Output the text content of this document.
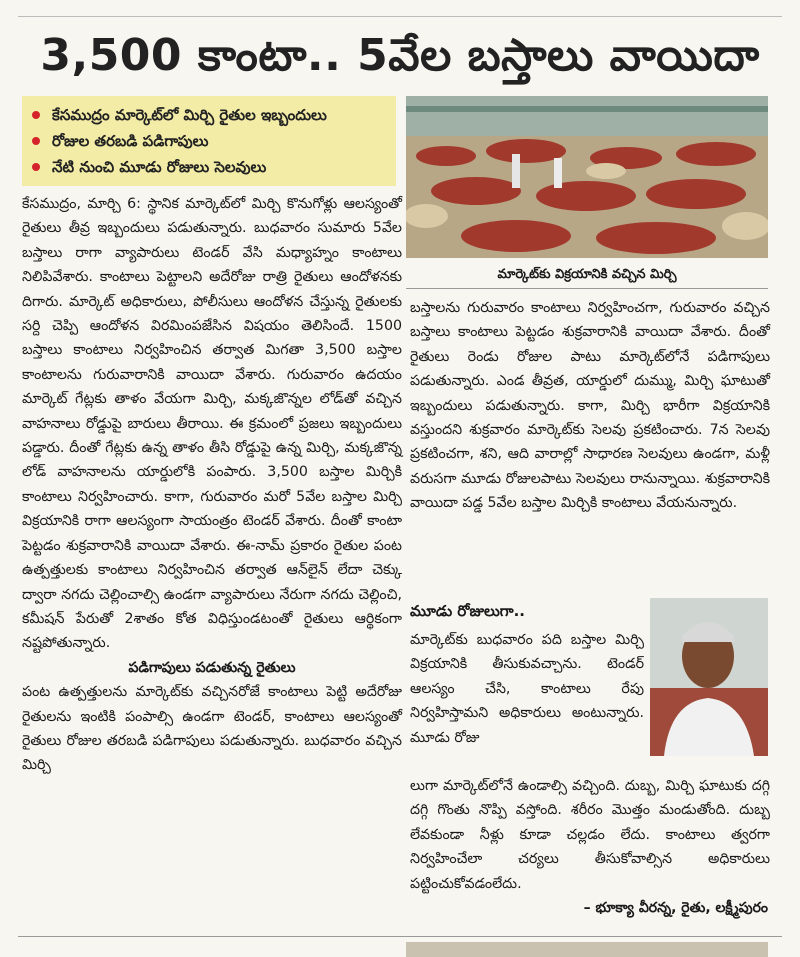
3,500 కాంటా.. 5వేల బస్తాలు వాయిదా
కేసముద్రం మార్కెట్‌లో మిర్చి రైతుల ఇబ్బందులు
రోజుల తరబడి పడిగాపులు
నేటి నుంచి మూడు రోజులు సెలవులు
మార్కెట్‌కు విక్రయానికి వచ్చిన మిర్చి

కేసముద్రం, మార్చి 6: స్థానిక మార్కెట్‌లో మిర్చి కొనుగోళ్లు ఆలస్యంతో రైతులు తీవ్ర ఇబ్బందులు పడుతున్నారు. బుధవారం సుమారు 5వేల బస్తాలు రాగా వ్యాపారులు టెండర్ వేసి మధ్యాహ్నం కాంటాలు నిలిపివేశారు. కాంటాలు పెట్టాలని అదేరోజు రాత్రి రైతులు ఆందోళనకు దిగారు. మార్కెట్ అధికారులు, పోలీసులు ఆందోళన చేస్తున్న రైతులకు సర్ది చెప్పి ఆందోళన విరమింపజేసిన విషయం తెలిసిందే. 1500 బస్తాలు కాంటాలు నిర్వహించిన తర్వాత మిగతా 3,500 బస్తాల కాంటాలను గురువారానికి వాయిదా వేశారు. గురువారం ఉదయం మార్కెట్ గేట్లకు తాళం వేయగా మిర్చి, మక్కజొన్నల లోడ్‌తో వచ్చిన వాహనాలు రోడ్డుపై బారులు తీరాయి. ఈ క్రమంలో ప్రజలు ఇబ్బందులు పడ్డారు. దీంతో గేట్లకు ఉన్న తాళం తీసి రోడ్డుపై ఉన్న మిర్చి, మక్కజొన్న లోడ్ వాహనాలను యార్డులోకి పంపారు. 3,500 బస్తాల మిర్చికి కాంటాలు నిర్వహించారు. కాగా, గురువారం మరో 5వేల బస్తాల మిర్చి విక్రయానికి రాగా ఆలస్యంగా సాయంత్రం టెండర్ వేశారు. దీంతో కాంటా పెట్టడం శుక్రవారానికి వాయిదా వేశారు. ఈ-నామ్ ప్రకారం రైతుల పంట ఉత్పత్తులకు కాంటాలు నిర్వహించిన తర్వాత ఆన్‌లైన్ లేదా చెక్కు ద్వారా నగదు చెల్లించాల్సి ఉండగా వ్యాపారులు నేరుగా నగదు చెల్లించి, కమీషన్ పేరుతో 2శాతం కోత విధిస్తుండటంతో రైతులు ఆర్థికంగా నష్టపోతున్నారు.

పడిగాపులు పడుతున్న రైతులు

పంట ఉత్పత్తులను మార్కెట్‌కు వచ్చినరోజే కాంటాలు పెట్టి అదేరోజు రైతులను ఇంటికి పంపాల్సి ఉండగా టెండర్, కాంటాలు ఆలస్యంతో రైతులు రోజుల తరబడి పడిగాపులు పడుతున్నారు. బుధవారం వచ్చిన మిర్చి

బస్తాలను గురువారం కాంటాలు నిర్వహించగా, గురువారం వచ్చిన బస్తాలు కాంటాలు పెట్టడం శుక్రవారానికి వాయిదా వేశారు. దీంతో రైతులు రెండు రోజుల పాటు మార్కెట్‌లోనే పడిగాపులు పడుతున్నారు. ఎండ తీవ్రత, యార్డులో దుమ్ము, మిర్చి ఘాటుతో ఇబ్బందులు పడుతున్నారు. కాగా, మిర్చి భారీగా విక్రయానికి వస్తుందని శుక్రవారం మార్కెట్‌కు సెలవు ప్రకటించారు. 7న సెలవు ప్రకటించగా, శని, ఆది వారాల్లో సాధారణ సెలవులు ఉండగా, మళ్లీ వరుసగా మూడు రోజులపాటు సెలవులు రానున్నాయి. శుక్రవారానికి వాయిదా పడ్డ 5వేల బస్తాల మిర్చికి కాంటాలు వేయనున్నారు.

మూడు రోజులుగా..
మార్కెట్‌కు బుధవారం పది బస్తాల మిర్చి విక్రయానికి తీసుకువచ్చాను. టెండర్ ఆలస్యం చేసి, కాంటాలు రేపు నిర్వహిస్తామని అధికారులు అంటున్నారు. మూడు రోజు
లుగా మార్కెట్‌లోనే ఉండాల్సి వచ్చింది. దుబ్బ, మిర్చి ఘాటుకు దగ్గి దగ్గి గొంతు నొప్పి వస్తోంది. శరీరం మొత్తం మండుతోంది. దుబ్బ లేవకుండా నీళ్లు కూడా చల్లడం లేదు. కాంటాలు త్వరగా నిర్వహించేలా చర్యలు తీసుకోవాల్సిన అధికారులు పట్టించుకోవడంలేదు.
– భూక్యా వీరన్న, రైతు, లక్ష్మీపురం
